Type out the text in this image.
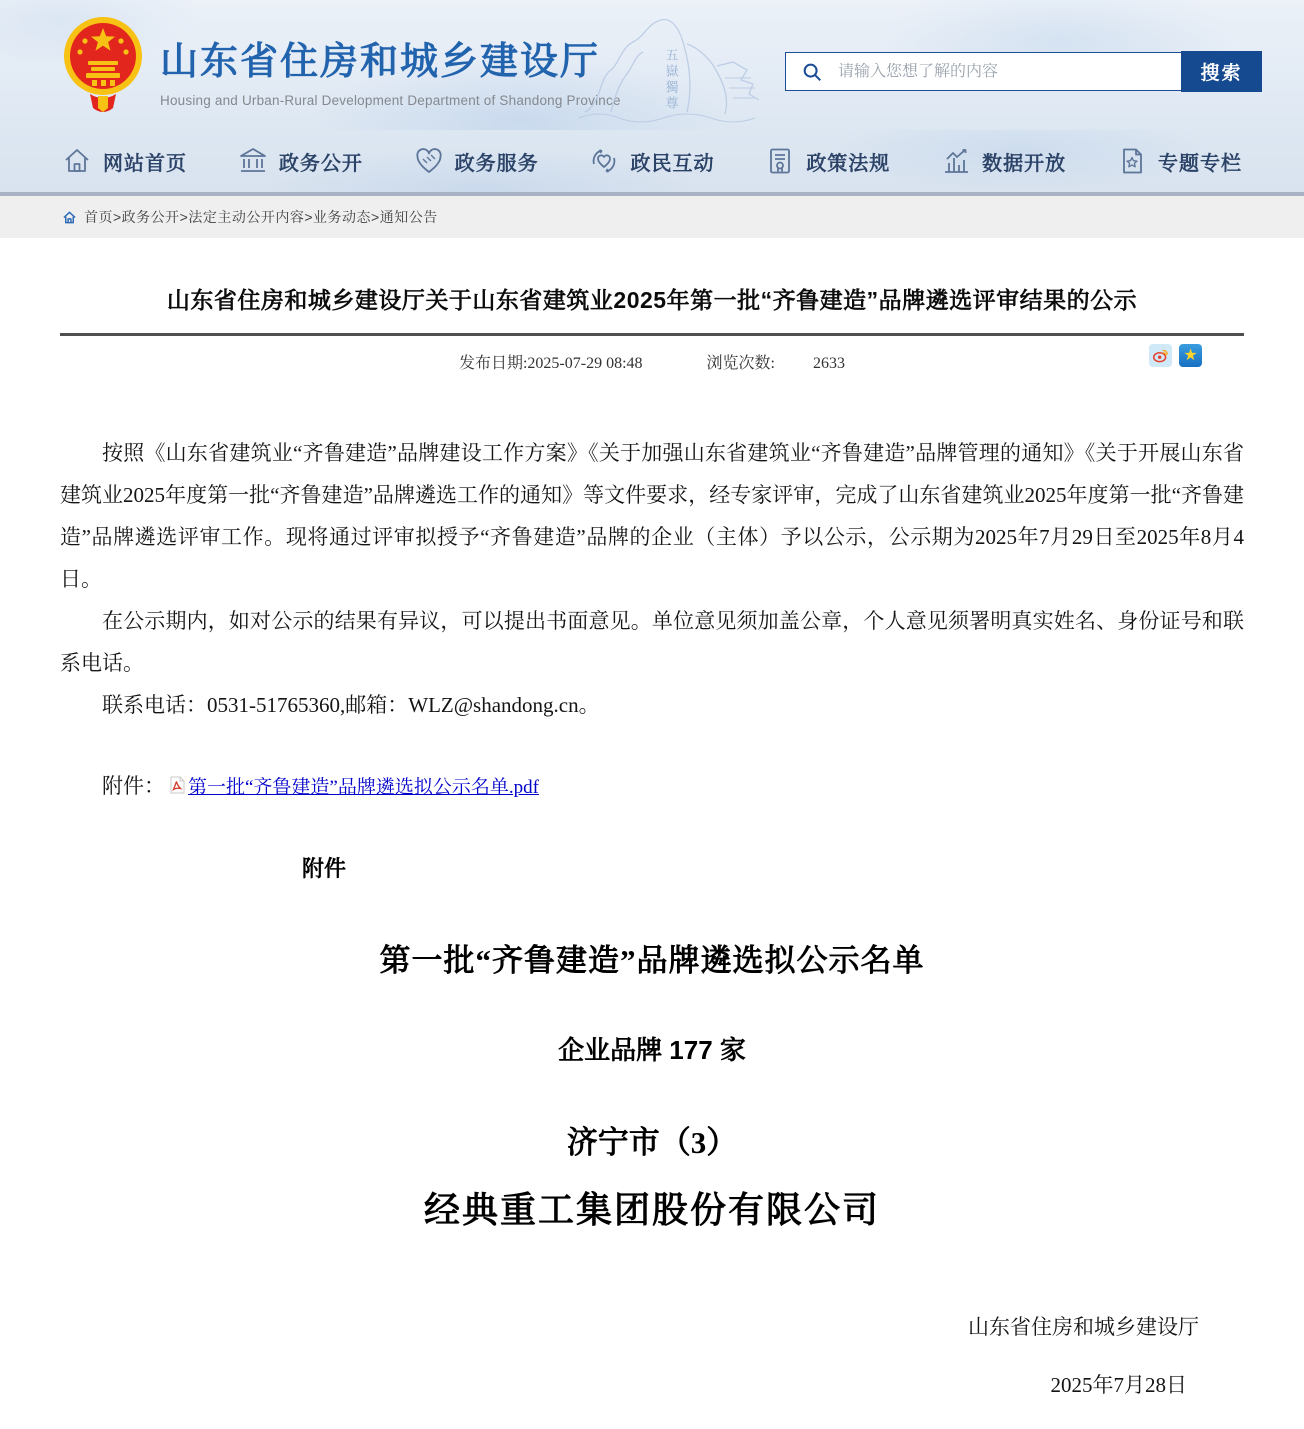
山东省住房和城乡建设厅
Housing and Urban-Rural Development Department of Shandong Province	五嶽獨尊
请输入您想了解的内容	搜索
网站首页	政务公开	政务服务	政民互动	政策法规	数据开放	专题专栏
首页>政务公开>法定主动公开内容>业务动态>通知公告
山东省住房和城乡建设厅关于山东省建筑业2025年第一批“齐鲁建造”品牌遴选评审结果的公示
发布日期:2025-07-29 08:48	浏览次数: 2633	★

按照《山东省建筑业“齐鲁建造”品牌建设工作方案》《关于加强山东省建筑业“齐鲁建造”品牌管理的通知》《关于开展山东省建筑业2025年度第一批“齐鲁建造”品牌遴选工作的通知》等文件要求，经专家评审，完成了山东省建筑业2025年度第一批“齐鲁建造”品牌遴选评审工作。现将通过评审拟授予“齐鲁建造”品牌的企业（主体）予以公示，公示期为2025年7月29日至2025年8月4日。

在公示期内，如对公示的结果有异议，可以提出书面意见。单位意见须加盖公章，个人意见须署明真实姓名、身份证号和联系电话。

联系电话：0531-51765360,邮箱：WLZ@shandong.cn。

附件： 第一批“齐鲁建造”品牌遴选拟公示名单.pdf
附件
第一批“齐鲁建造”品牌遴选拟公示名单
企业品牌 177 家
济宁市（3）
经典重工集团股份有限公司
山东省住房和城乡建设厅
2025年7月28日
